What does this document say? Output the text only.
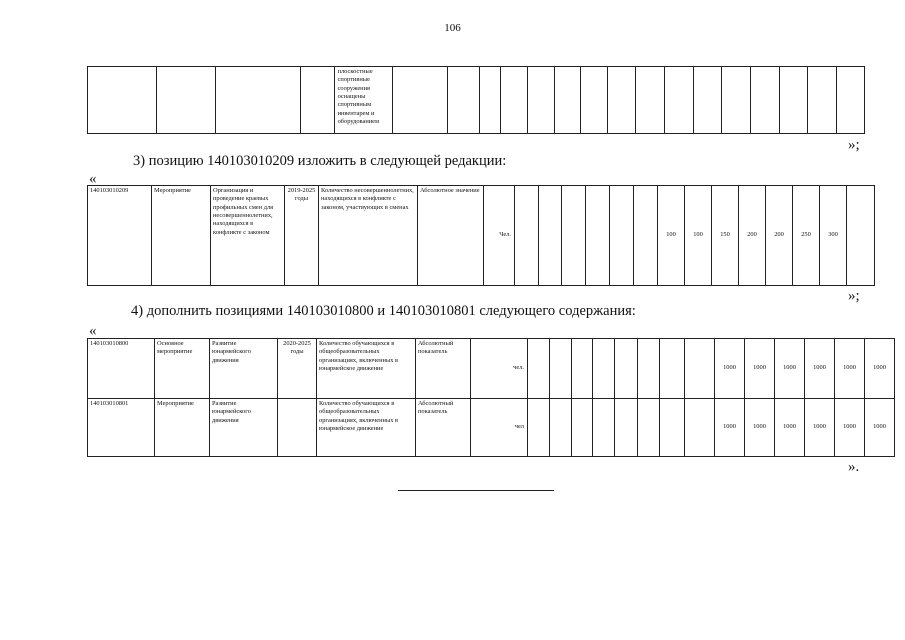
106
				плоскостные спортивные сооружения оснащены спортивным инвентарем и оборудованием																
»;
3) позицию 140103010209 изложить в следующей редакции:
«
140103010209	Мероприятие	Организация и проведение краевых профильных смен для несовершеннолетних, находящихся в конфликте с законом	2019-2025 годы	Количество несовершеннолетних, находящихся в конфликте с законом, участвующих в сменах	Абсолютное значение	Чел.							100	100	150	200	200	250	300	
»;
4) дополнить позициями 140103010800 и 140103010801 следующего содержания:
«
140103010800	Основное мероприятие	Развитие юнармейского движения	2020-2025 годы	Количество обучающихся в общеобразовательных организациях, включенных в юнармейское движение	Абсолютный показатель	чел.									1000	1000	1000	1000	1000	1000
140103010801	Мероприятие	Развитие юнармейского движения		Количество обучающихся в общеобразовательных организациях, включенных в юнармейское движение	Абсолютный показатель	чел									1000	1000	1000	1000	1000	1000
».
